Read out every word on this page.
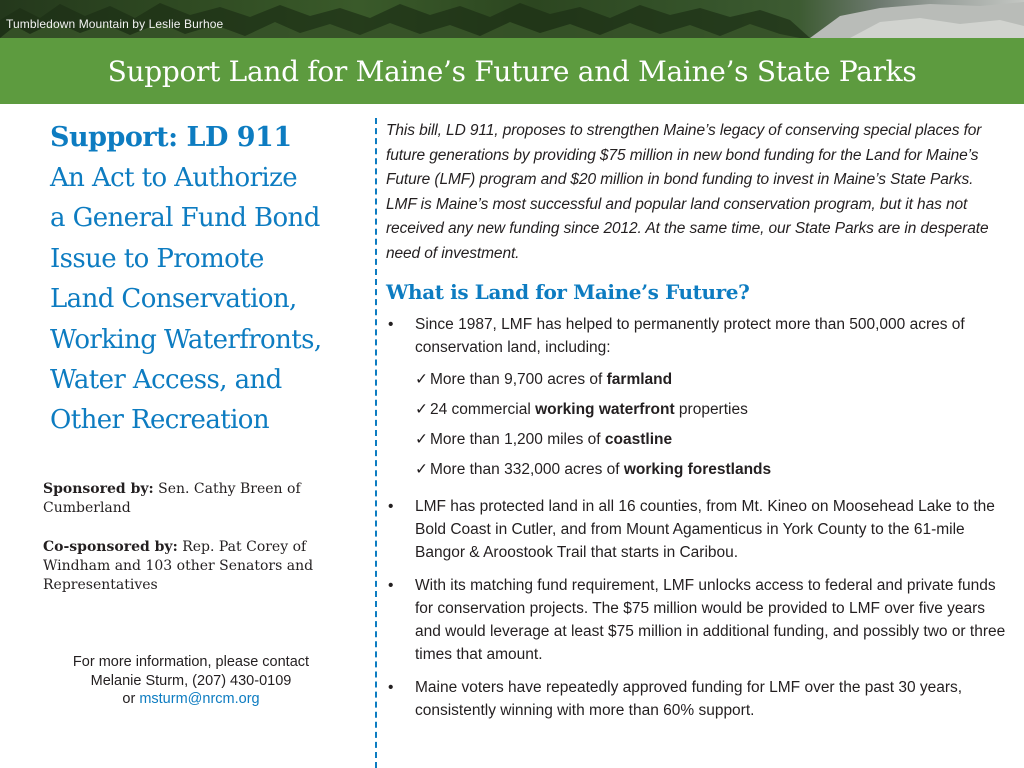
Tumbledown Mountain by Leslie Burhoe
Support Land for Maine’s Future and Maine’s State Parks
Support: LD 911
An Act to Authorize
a General Fund Bond
Issue to Promote
Land Conservation,
Working Waterfronts,
Water Access, and
Other Recreation
Sponsored by: Sen. Cathy Breen of Cumberland
Co-sponsored by: Rep. Pat Corey of Windham and 103 other Senators and Representatives
For more information, please contact
Melanie Sturm, (207) 430-0109
or msturm@nrcm.org

This bill, LD 911, proposes to strengthen Maine’s legacy of conserving special places for future generations by providing $75 million in new bond funding for the Land for Maine’s Future (LMF) program and $20 million in bond funding to invest in Maine’s State Parks. LMF is Maine’s most successful and popular land conservation program, but it has not received any new funding since 2012. At the same time, our State Parks are in desperate need of investment.

What is Land for Maine’s Future?
• Since 1987, LMF has helped to permanently protect more than 500,000 acres of conservation land, including:
✓ More than 9,700 acres of farmland
✓ 24 commercial working waterfront properties
✓ More than 1,200 miles of coastline
✓ More than 332,000 acres of working forestlands
• LMF has protected land in all 16 counties, from Mt. Kineo on Moosehead Lake to the Bold Coast in Cutler, and from Mount Agamenticus in York County to the 61-mile Bangor & Aroostook Trail that starts in Caribou.
• With its matching fund requirement, LMF unlocks access to federal and private funds for conservation projects. The $75 million would be provided to LMF over five years and would leverage at least $75 million in additional funding, and possibly two or three times that amount.
• Maine voters have repeatedly approved funding for LMF over the past 30 years, consistently winning with more than 60% support.
